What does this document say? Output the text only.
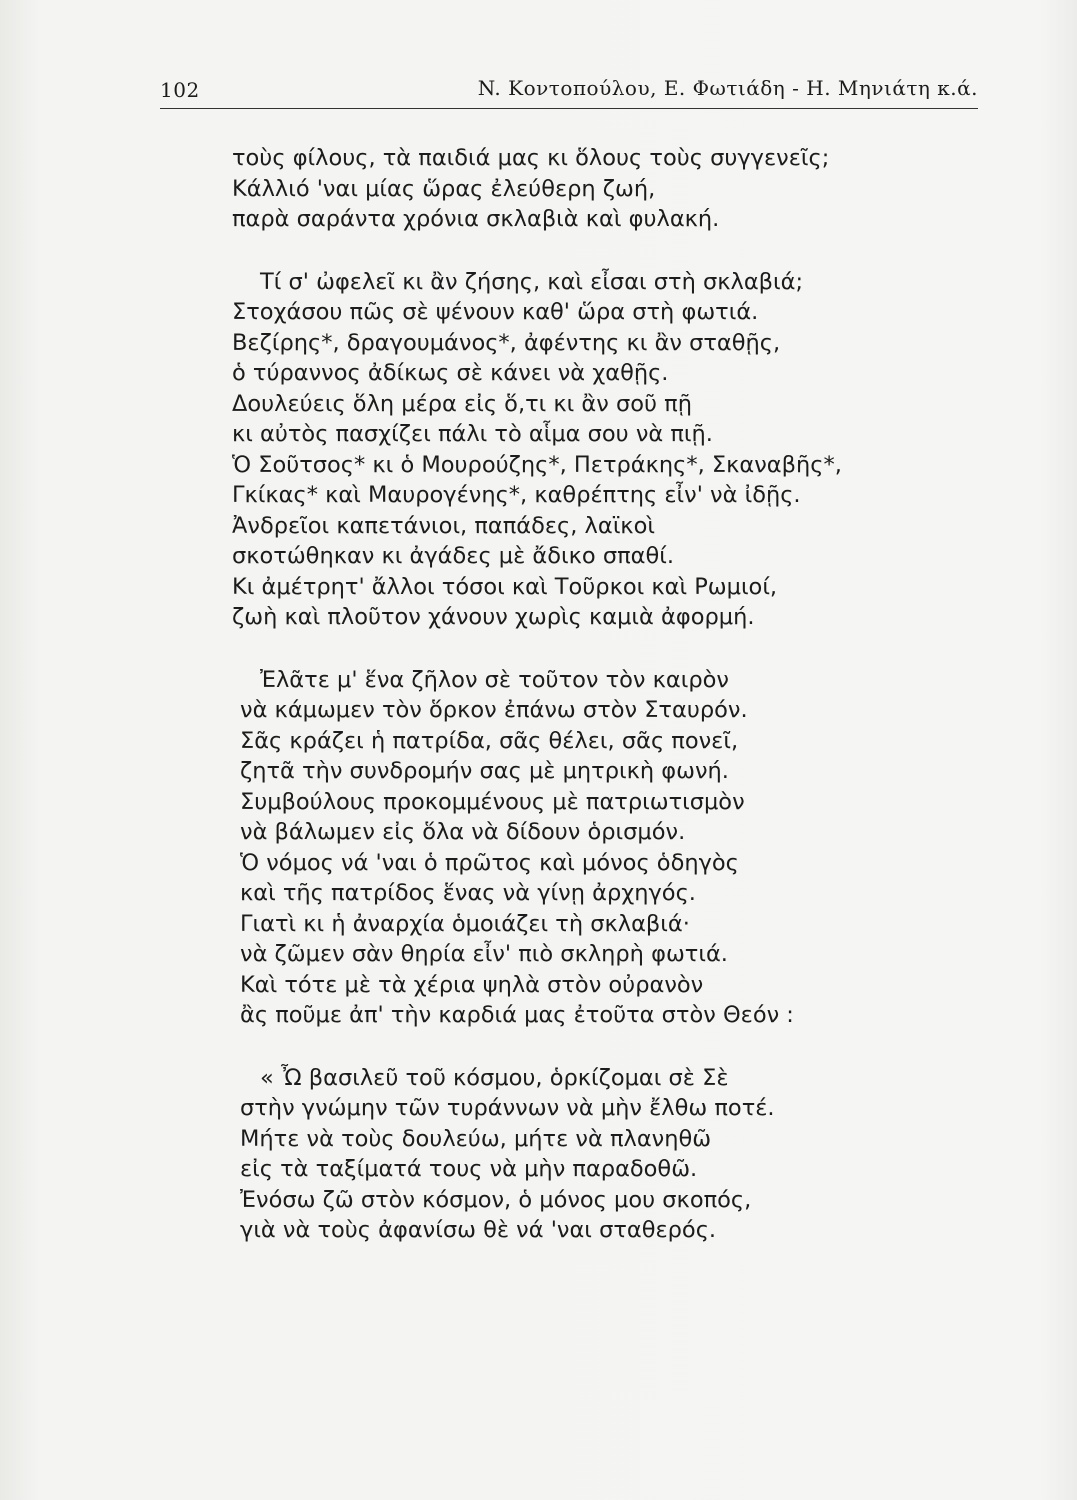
102	N. Κοντοπούλου, Ε. Φωτιάδη - Η. Μηνιάτη κ.ά.
τοὺς φίλους, τὰ παιδιά μας κι ὅλους τοὺς συγγενεῖς;
Κάλλιό 'ναι μίας ὥρας ἐλεύθερη ζωή,
παρὰ σαράντα χρόνια σκλαβιὰ καὶ φυλακή.
Τί σ' ὠφελεῖ κι ἂν ζήσης, καὶ εἶσαι στὴ σκλαβιά;
Στοχάσου πῶς σὲ ψένουν καθ' ὥρα στὴ φωτιά.
Βεζίρης*, δραγουμάνος*, ἀφέντης κι ἂν σταθῇς,
ὁ τύραννος ἀδίκως σὲ κάνει νὰ χαθῇς.
Δουλεύεις ὅλη μέρα εἰς ὅ,τι κι ἂν σοῦ πῇ
κι αὐτὸς πασχίζει πάλι τὸ αἷμα σου νὰ πιῇ.
Ὁ Σοῦτσος* κι ὁ Μουρούζης*, Πετράκης*, Σκαναβῆς*,
Γκίκας* καὶ Μαυρογένης*, καθρέπτης εἶν' νὰ ἰδῇς.
Ἀνδρεῖοι καπετάνιοι, παπάδες, λαϊκοὶ
σκοτώθηκαν κι ἀγάδες μὲ ἄδικο σπαθί.
Κι ἀμέτρητ' ἄλλοι τόσοι καὶ Τοῦρκοι καὶ Ρωμιοί,
ζωὴ καὶ πλοῦτον χάνουν χωρὶς καμιὰ ἀφορμή.
Ἐλᾶτε μ' ἕνα ζῆλον σὲ τοῦτον τὸν καιρὸν
νὰ κάμωμεν τὸν ὅρκον ἐπάνω στὸν Σταυρόν.
Σᾶς κράζει ἡ πατρίδα, σᾶς θέλει, σᾶς πονεῖ,
ζητᾶ τὴν συνδρομήν σας μὲ μητρικὴ φωνή.
Συμβούλους προκομμένους μὲ πατριωτισμὸν
νὰ βάλωμεν εἰς ὅλα νὰ δίδουν ὁρισμόν.
Ὁ νόμος νά 'ναι ὁ πρῶτος καὶ μόνος ὁδηγὸς
καὶ τῆς πατρίδος ἕνας νὰ γίνῃ ἀρχηγός.
Γιατὶ κι ἡ ἀναρχία ὁμοιάζει τὴ σκλαβιά·
νὰ ζῶμεν σὰν θηρία εἶν' πιὸ σκληρὴ φωτιά.
Καὶ τότε μὲ τὰ χέρια ψηλὰ στὸν οὐρανὸν
ἂς ποῦμε ἀπ' τὴν καρδιά μας ἐτοῦτα στὸν Θεόν :
« Ὦ βασιλεῦ τοῦ κόσμου, ὁρκίζομαι σὲ Σὲ
στὴν γνώμην τῶν τυράννων νὰ μὴν ἔλθω ποτέ.
Μήτε νὰ τοὺς δουλεύω, μήτε νὰ πλανηθῶ
εἰς τὰ ταξίματά τους νὰ μὴν παραδοθῶ.
Ἐνόσω ζῶ στὸν κόσμον, ὁ μόνος μου σκοπός,
γιὰ νὰ τοὺς ἀφανίσω θὲ νά 'ναι σταθερός.
